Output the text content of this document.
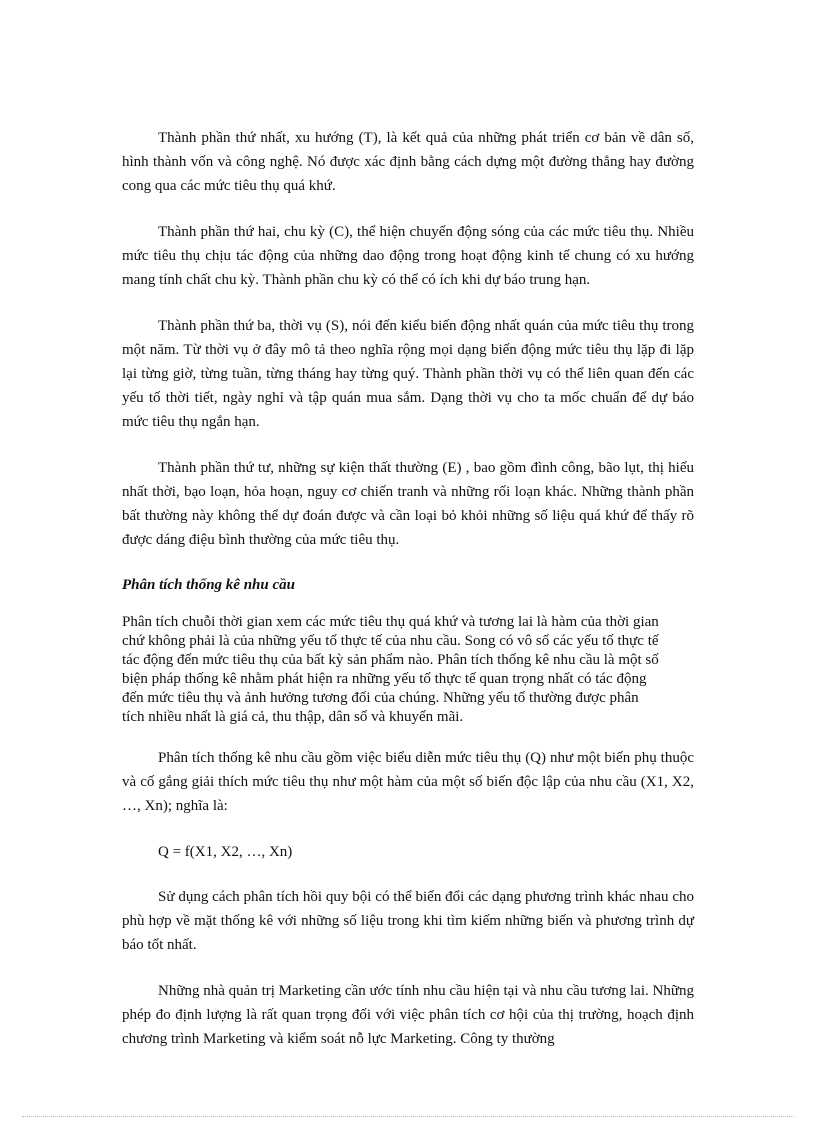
Thành phần thứ nhất, xu hướng (T), là kết quả của những phát triển cơ bản về dân số, hình thành vốn và công nghệ. Nó được xác định bằng cách dựng một đường thẳng hay đường cong qua các mức tiêu thụ quá khứ.

Thành phần thứ hai, chu kỳ (C), thể hiện chuyển động sóng của các mức tiêu thụ. Nhiều mức tiêu thụ chịu tác động của những dao động trong hoạt động kinh tế chung có xu hướng mang tính chất chu kỳ. Thành phần chu kỳ có thể có ích khi dự báo trung hạn.

Thành phần thứ ba, thời vụ (S), nói đến kiểu biến động nhất quán của mức tiêu thụ trong một năm. Từ thời vụ ở đây mô tả theo nghĩa rộng mọi dạng biến động mức tiêu thụ lặp đi lặp lại từng giờ, từng tuần, từng tháng hay từng quý. Thành phần thời vụ có thể liên quan đến các yếu tố thời tiết, ngày nghỉ và tập quán mua sắm. Dạng thời vụ cho ta mốc chuẩn để dự báo mức tiêu thụ ngắn hạn.

Thành phần thứ tư, những sự kiện thất thường (E) , bao gồm đình công, bão lụt, thị hiếu nhất thời, bạo loạn, hỏa hoạn, nguy cơ chiến tranh và những rối loạn khác. Những thành phần bất thường này không thể dự đoán được và cần loại bỏ khỏi những số liệu quá khứ để thấy rõ được dáng điệu bình thường của mức tiêu thụ.

Phân tích thống kê nhu cầu

Phân tích chuỗi thời gian xem các mức tiêu thụ quá khứ và tương lai là hàm của thời gian
chứ không phải là của những yếu tố thực tế của nhu cầu. Song có vô số các yếu tố thực tế
tác động đến mức tiêu thụ của bất kỳ sản phẩm nào. Phân tích thống kê nhu cầu là một số
biện pháp thống kê nhằm phát hiện ra những yếu tố thực tế quan trọng nhất có tác động
đến mức tiêu thụ và ảnh hưởng tương đối của chúng. Những yếu tố thường được phân
tích nhiều nhất là giá cả, thu thập, dân số và khuyến mãi.

Phân tích thống kê nhu cầu gồm việc biểu diễn mức tiêu thụ (Q) như một biến phụ thuộc và cố gắng giải thích mức tiêu thụ như một hàm của một số biến độc lập của nhu cầu (X1, X2, …, Xn); nghĩa là:

Q = f(X1, X2, …, Xn)

Sử dụng cách phân tích hồi quy bội có thể biến đổi các dạng phương trình khác nhau cho phù hợp về mặt thống kê với những số liệu trong khi tìm kiếm những biến và phương trình dự báo tốt nhất.

Những nhà quản trị Marketing cần ước tính nhu cầu hiện tại và nhu cầu tương lai. Những phép đo định lượng là rất quan trọng đối với việc phân tích cơ hội của thị trường, hoạch định chương trình Marketing và kiểm soát nỗ lực Marketing. Công ty thường
